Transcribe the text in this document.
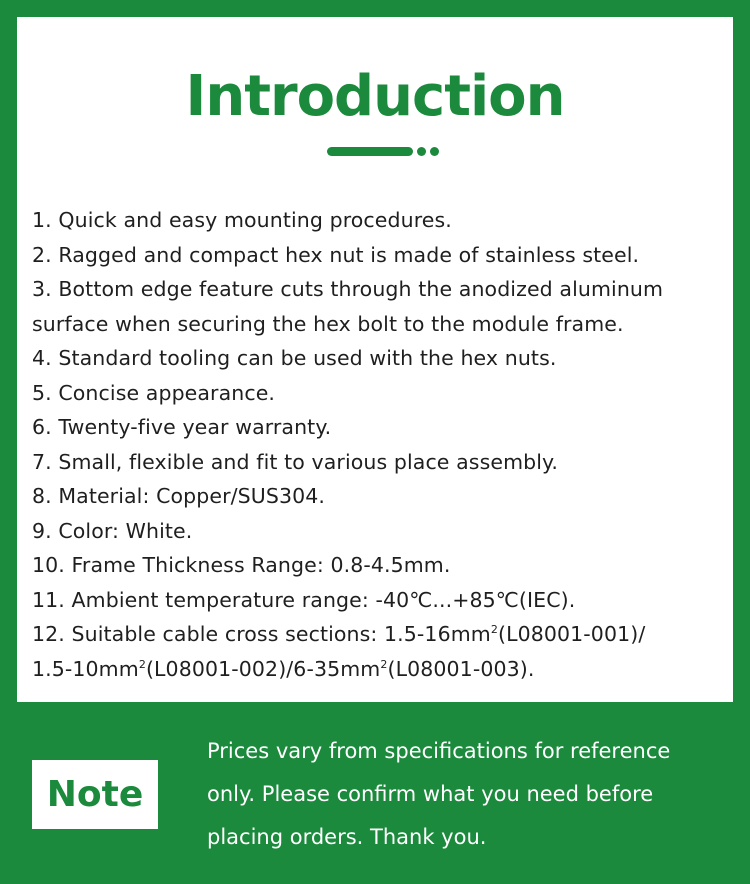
Introduction
1. Quick and easy mounting procedures.
2. Ragged and compact hex nut is made of stainless steel.
3. Bottom edge feature cuts through the anodized aluminum surface when securing the hex bolt to the module frame.
4. Standard tooling can be used with the hex nuts.
5. Concise appearance.
6. Twenty-five year warranty.
7. Small, flexible and fit to various place assembly.
8. Material: Copper/SUS304.
9. Color: White.
10. Frame Thickness Range: 0.8-4.5mm.
11. Ambient temperature range: -40℃...+85℃(IEC).
12. Suitable cable cross sections: $1.5-16mm^2(L08001-001)/$
$1.5-10mm^2(L08001-002)/6-35mm^2(L08001-003)$.
Note

Prices vary from specifications for reference
only. Please confirm what you need before
placing orders. Thank you.
